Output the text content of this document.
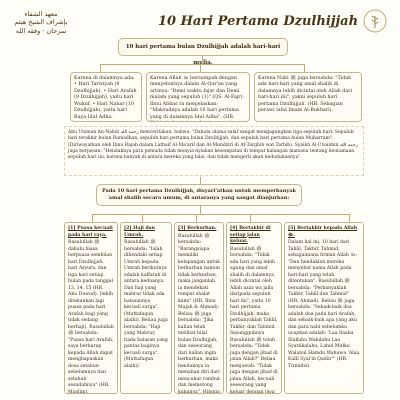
معهد الشفاء
بإشراف الشيخ هيثم
سرحان · وفقه الله
10 Hari Pertama Dzulhijjah
10 hari pertama bulan Dzulhijjah adalah hari-hari mulia.
Karena di dalamnya ada: • Hari Tarwiyah (8 Dzulhijjah), • Hari Arafah (9 Dzulhijjah), yaitu hari Wukuf, • Hari Nahar (10 Dzulhijjah), yaitu hari Raya Idul Adha.
Karena Allah ﷻ bersumpah dengan menyebutnya dalam Al-Qur'an yang artinya: "Demi waktu fajar dan Demi malam yang sepuluh (1)" (QS. Al-Fajr). Ibnu Abbas ra menjelaskan: "Maksudnya adalah 10 hari pertama yang di dalamnya Idul Adha". (HR.
Karena Nabi ﷺ juga bersabda: "Tidak ada hari-hari yang amal shalih di dalamnya lebih dicintai oleh Allah dari hari-hari ini", yakni sepuluh hari pertama Dzulhijjah. (HR. Sebagian perawi lafal Imam Al-Bukhari).
Abu Utsman An-Nahdi رحمه الله menceritakan, bahwa: "Dahulu ulama salaf sangat mengagungkan tiga sepuluh hari: Sepuluh hari terakhir bulan Ramadhan, sepuluh hari pertama bulan Dzulhijjah, dan sepuluh hari pertama bulan Muharram". (Diriwayatkan oleh Ibnu Rajab dalam Lathaif Al-Ma'arif dan Al-Mundziri di At-Targhib wat Tarhib). Syaikh Al-Utsaimin رحمه الله juga berpesan: "Hendaknya para pemuda tidak menyia-nyiakan kesempatan di tempat kalangan manusia tentang keutamaan sepuluh hari ini, karena banyak di antara mereka yang lalai, dan tidak mengerti akan kedudukannya".
Pada 10 hari pertama Dzulhijjah, disyari'atkan untuk memperbanyak amal shalih secara umum, di antaranya yang sangat dianjurkan:
[1] Puasa kecuali pada hari raya.
Rasulullah ﷺ dahulu biasa berpuasa sembilan hari Dzulhijjah, hari Asyura, dan tiga hari setiap bulan pada tanggal 13, 14, 15 (HR. Abu Dawud). (lebih ditekankan lagi puasa pada hari Arafah bagi yang tidak sedang berhaji). Rasulullah ﷺ bersabda: "Puasa hari Arafah, saya berharap kepada Allah dapat menghapuskan dosa setahun sebelumnya dan setahun sesudahnya" (HR. Muslim).
[2] Haji dan Umrah.
Rasulullah ﷺ bersabda: "Ialah dihendaki setiap Umrah kepada Umrah berikutnya adalah kaffarah di antara keduanya. Dan haji yang mabrur tidak ada balasannya kecuali surga". (Muttafaqun alaihi). Beliau juga bersabda: "Haji yang Mabrur, tiada balasan yang pantas baginya kecuali surga". (Muttafaqun alaihi).
[3] Berkurban.
Rasulullah ﷺ bersabda: "Barangsiapa memiliki kelapangan untuk berkurban namun tidak berkurban, maka janganlah ia mendekati tempat shalat kami" (HR. Ibnu Majah & Ahmad). Beliau ﷺ juga bersabda: "Jika kalian telah melihat hilal bulan Dzulhijjah, dan seseorang dari kalian ingin berkurban, maka hendaknya ia menahan diri dari mencukur rambut dan memotong kukunya". Hingga
[4] Bertakbir di setiap jalan keluar.
Rasulullah ﷺ bersabda: "Tidak ada hari yang lebih agung dan amal shalih di dalamnya lebih dicintai oleh Allah azza wa jalla daripada sepuluh hari ini", yaitu 10 hari pertama Dzulhijjah, maka perbanyaklah Tahlil, Takbir, dan Tahmid. Sesungguhnya Rasulullah ﷺ telah bersabda: "Tidak juga dengan jihad di jalan Allah?" Beliau menjawab: "Tidak juga dengan jihad di jalan Allah, kecuali seseorang yang keluar dengan jiwa
[5] Bertakbir kepada Allah ﷻ.
Dalam hal ini, 10 hari dari Tahlil, Takbir, Tahmid, sebagaimana firman Allah ﷻ: "Dan hendaklah mereka menyebut nama Allah pada hari-hari yang telah ditentukan". Rasulullah ﷺ bersabda: "Perbanyaklah Takbir, Tahlil dan Tahmid" (HR. Ahmad). Beliau ﷺ juga bersabda: "Sebaik-baik doa adalah doa pada hari Arafah, dan sebaik-baik apa yang aku dan para nabi sebelumku ucapkan adalah: 'Laa Ilaaha Illallahu Wahdahu Laa Syariikalahu, Lahul Mulku Walahul Hamdu Wahuwa 'Alaa Kulli Syai'in Qadiir'" (HR. Tirmidzi).
